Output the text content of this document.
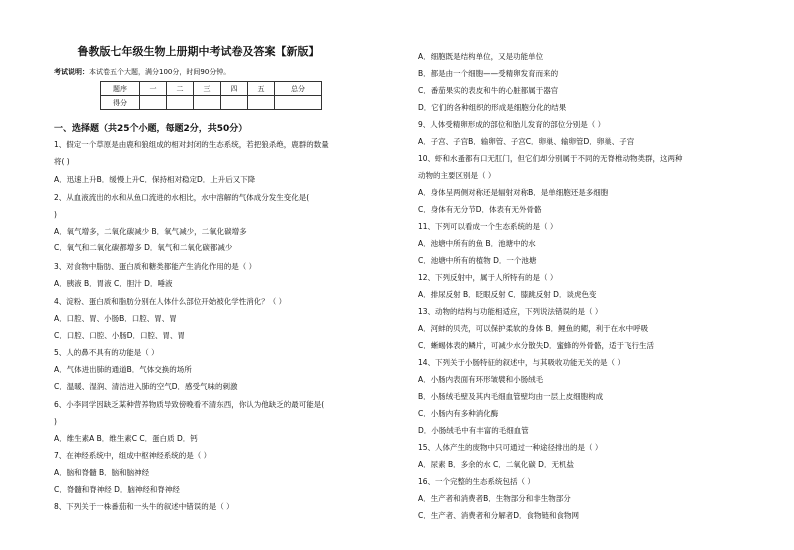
鲁教版七年级生物上册期中考试卷及答案【新版】
考试说明：本试卷五个大题，满分100分，时间90分钟。
题序	一	二	三	四	五	总分
得分						
一、选择题（共25个小题，每题2分，共50分）
1、假定一个草原是由鹿和狼组成的相对封闭的生态系统，若把狼杀绝，鹿群的数量
将( )
A．迅速上升B．缓慢上升C．保持相对稳定D．上升后又下降
2、从血液流出的水和从鱼口流进的水相比，水中溶解的气体成分发生变化是(
)
A．氧气增多，二氧化碳减少 B．氧气减少，二氧化碳增多
C．氧气和二氧化碳都增多 D．氧气和二氧化碳都减少
3、对食物中脂肪、蛋白质和糖类都能产生消化作用的是（ ）
A．胰液 B．胃液 C．胆汁 D．唾液
4、淀粉、蛋白质和脂肪分别在人体什么部位开始被化学性消化？（ ）
A．口腔、胃、小肠B．口腔、胃、胃
C．口腔、口腔、小肠D．口腔、胃、胃
5、人的鼻不具有的功能是（ ）
A．气体进出肺的通道B．气体交换的场所
C．温暖、湿润、清洁进入肺的空气D．感受气味的刺激
6、小李同学因缺乏某种营养物质导致傍晚看不清东西，你认为他缺乏的最可能是(
)
A．维生素A B．维生素C C．蛋白质 D．钙
7、在神经系统中，组成中枢神经系统的是（ ）
A．脑和脊髓 B．脑和脑神经
C．脊髓和脊神经 D．脑神经和脊神经
8、下列关于一株番茄和一头牛的叙述中错误的是（ ）
A．细胞既是结构单位，又是功能单位
B．都是由一个细胞——受精卵发育而来的
C．番茄果实的表皮和牛的心脏都属于器官
D．它们的各种组织的形成是细胞分化的结果
9、人体受精卵形成的部位和胎儿发育的部位分别是（ ）
A．子宫、子宫B．输卵管、子宫C．卵巢、输卵管D．卵巢、子宫
10、虾和水蚤都有口无肛门，但它们却分别属于不同的无脊椎动物类群，这两种
动物的主要区别是（ ）
A．身体呈两侧对称还是辐射对称B．是单细胞还是多细胞
C．身体有无分节D．体表有无外骨骼
11、下列可以看成一个生态系统的是（ ）
A．池塘中所有的鱼 B．池塘中的水
C．池塘中所有的植物 D．一个池塘
12、下列反射中，属于人所特有的是（ ）
A．排尿反射 B．眨眼反射 C．膝跳反射 D．谈虎色变
13、动物的结构与功能相适应，下列说法错误的是（ ）
A．河蚌的贝壳，可以保护柔软的身体 B．鲤鱼的鳃，利于在水中呼吸
C．蜥蜴体表的鳞片，可减少水分散失D．蜜蜂的外骨骼，适于飞行生活
14、下列关于小肠特征的叙述中，与其吸收功能无关的是（ ）
A．小肠内表面有环形皱襞和小肠绒毛
B．小肠绒毛壁及其内毛细血管壁均由一层上皮细胞构成
C．小肠内有多种消化酶
D．小肠绒毛中有丰富的毛细血管
15、人体产生的废物中只可通过一种途径排出的是（ ）
A．尿素 B．多余的水 C．二氧化碳 D．无机盐
16、一个完整的生态系统包括（ ）
A．生产者和消费者B．生物部分和非生物部分
C．生产者、消费者和分解者D．食物链和食物网
